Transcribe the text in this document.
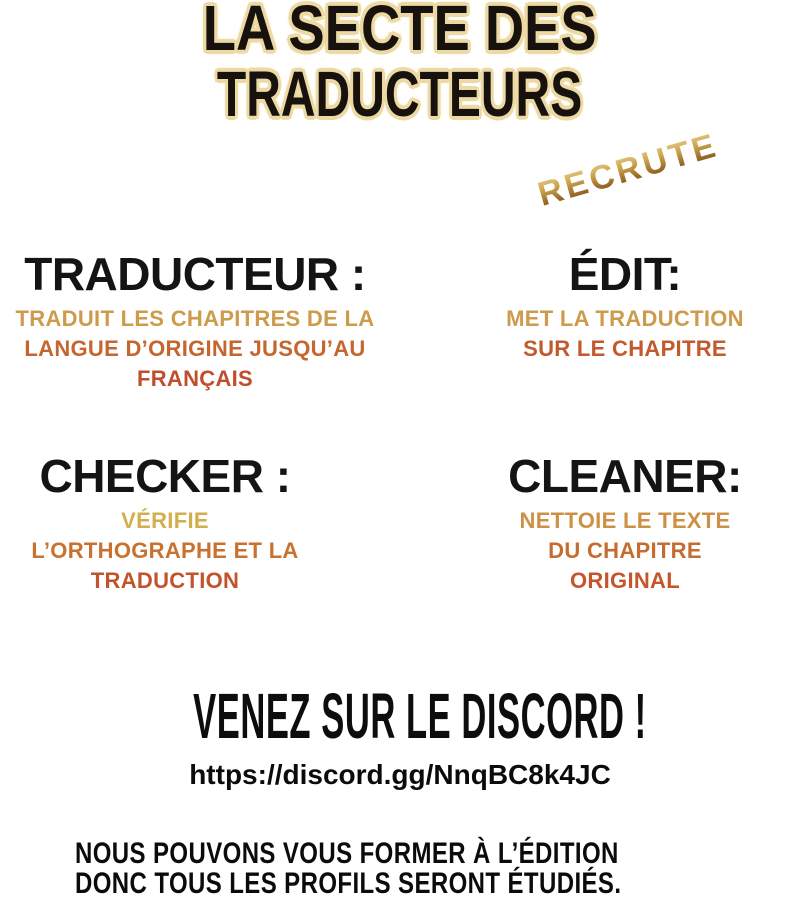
LA SECTE DES
TRADUCTEURS
RECRUTE
TRADUCTEUR :
TRADUIT LES CHAPITRES DE LA
LANGUE D’ORIGINE JUSQU’AU
FRANÇAIS
ÉDIT:
MET LA TRADUCTION
SUR LE CHAPITRE
CHECKER :
VÉRIFIE
L’ORTHOGRAPHE ET LA
TRADUCTION
CLEANER:
NETTOIE LE TEXTE
DU CHAPITRE
ORIGINAL
VENEZ SUR LE DISCORD !
https://discord.gg/NnqBC8k4JC
NOUS POUVONS VOUS FORMER À L’ÉDITION
DONC TOUS LES PROFILS SERONT ÉTUDIÉS.
